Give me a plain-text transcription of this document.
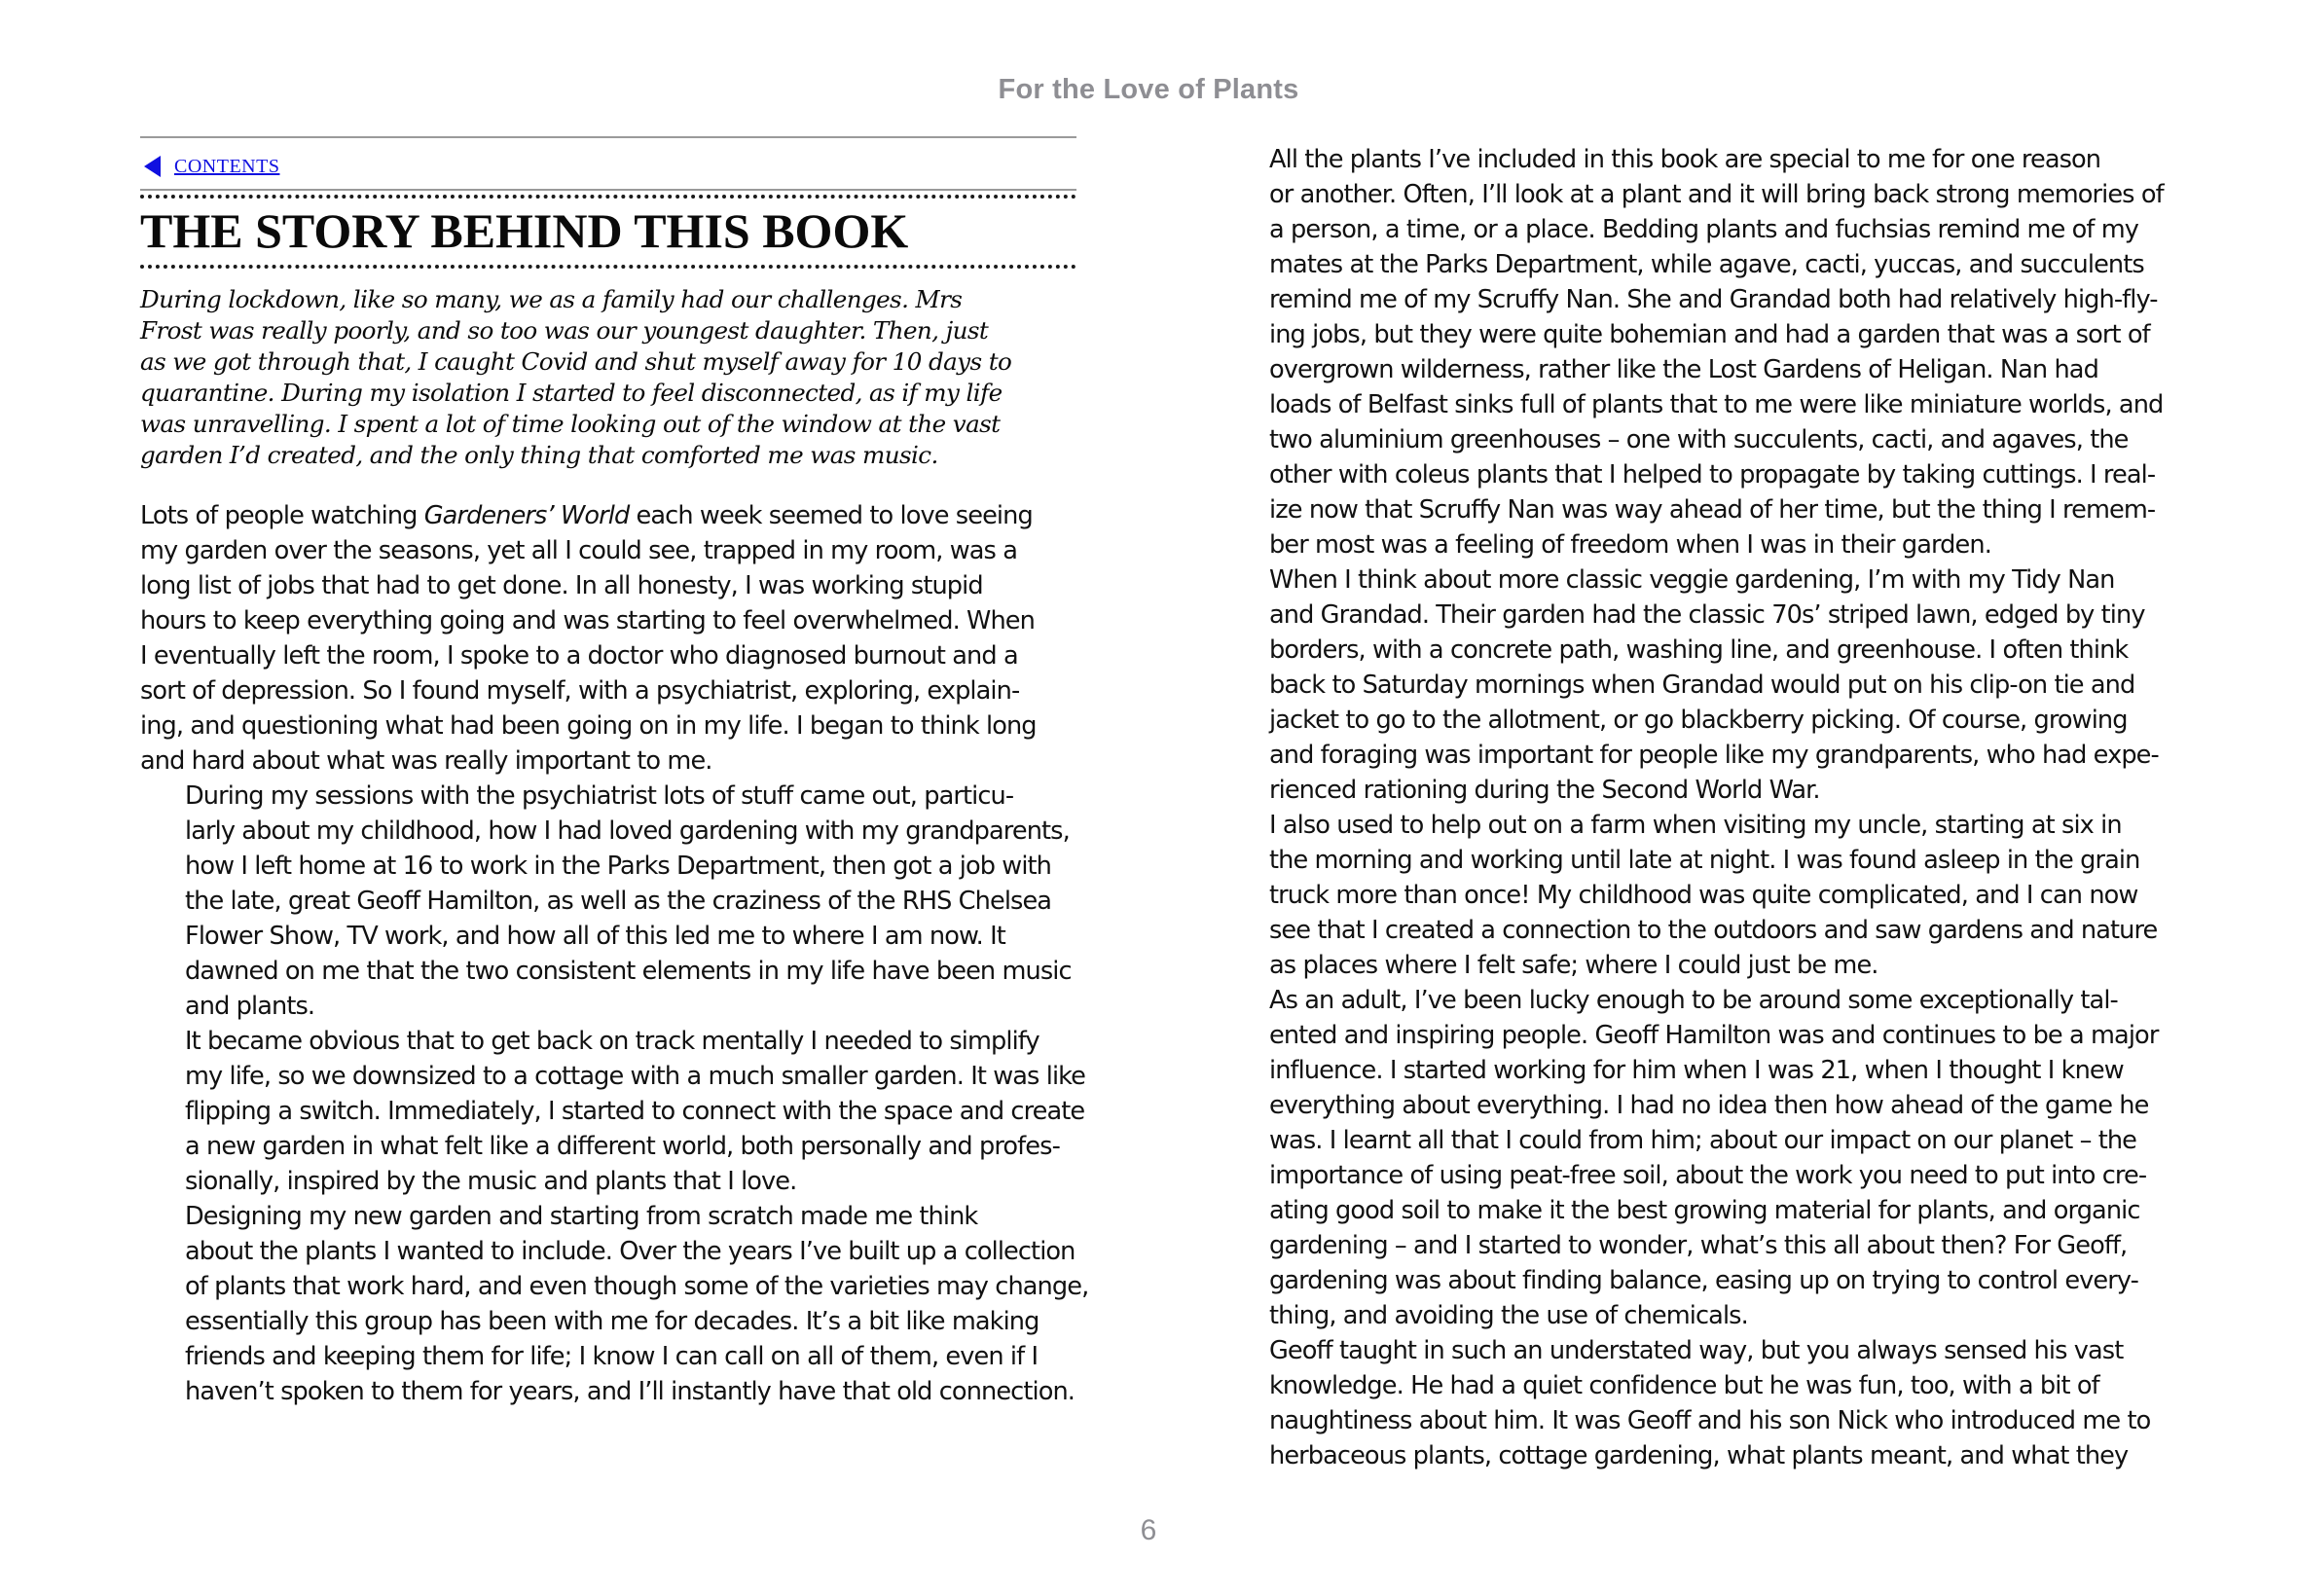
For the Love of Plants
CONTENTS
THE STORY BEHIND THIS BOOK
During lockdown, like so many, we as a family had our challenges. Mrs
Frost was really poorly, and so too was our youngest daughter. Then, just
as we got through that, I caught Covid and shut myself away for 10 days to
quarantine. During my isolation I started to feel disconnected, as if my life
was unravelling. I spent a lot of time looking out of the window at the vast
garden I’d created, and the only thing that comforted me was music.

Lots of people watching Gardeners’ World each week seemed to love seeing
my garden over the seasons, yet all I could see, trapped in my room, was a
long list of jobs that had to get done. In all honesty, I was working stupid
hours to keep everything going and was starting to feel overwhelmed. When
I eventually left the room, I spoke to a doctor who diagnosed burnout and a
sort of depression. So I found myself, with a psychiatrist, exploring, explain-
ing, and questioning what had been going on in my life. I began to think long
and hard about what was really important to me.

During my sessions with the psychiatrist lots of stuff came out, particu-
larly about my childhood, how I had loved gardening with my grandparents,
how I left home at 16 to work in the Parks Department, then got a job with
the late, great Geoff Hamilton, as well as the craziness of the RHS Chelsea
Flower Show, TV work, and how all of this led me to where I am now. It
dawned on me that the two consistent elements in my life have been music
and plants.

It became obvious that to get back on track mentally I needed to simplify
my life, so we downsized to a cottage with a much smaller garden. It was like
flipping a switch. Immediately, I started to connect with the space and create
a new garden in what felt like a different world, both personally and profes-
sionally, inspired by the music and plants that I love.

Designing my new garden and starting from scratch made me think
about the plants I wanted to include. Over the years I’ve built up a collection
of plants that work hard, and even though some of the varieties may change,
essentially this group has been with me for decades. It’s a bit like making
friends and keeping them for life; I know I can call on all of them, even if I
haven’t spoken to them for years, and I’ll instantly have that old connection.

All the plants I’ve included in this book are special to me for one reason
or another. Often, I’ll look at a plant and it will bring back strong memories of
a person, a time, or a place. Bedding plants and fuchsias remind me of my
mates at the Parks Department, while agave, cacti, yuccas, and succulents
remind me of my Scruffy Nan. She and Grandad both had relatively high-fly-
ing jobs, but they were quite bohemian and had a garden that was a sort of
overgrown wilderness, rather like the Lost Gardens of Heligan. Nan had
loads of Belfast sinks full of plants that to me were like miniature worlds, and
two aluminium greenhouses – one with succulents, cacti, and agaves, the
other with coleus plants that I helped to propagate by taking cuttings. I real-
ize now that Scruffy Nan was way ahead of her time, but the thing I remem-
ber most was a feeling of freedom when I was in their garden.

When I think about more classic veggie gardening, I’m with my Tidy Nan
and Grandad. Their garden had the classic 70s’ striped lawn, edged by tiny
borders, with a concrete path, washing line, and greenhouse. I often think
back to Saturday mornings when Grandad would put on his clip-on tie and
jacket to go to the allotment, or go blackberry picking. Of course, growing
and foraging was important for people like my grandparents, who had expe-
rienced rationing during the Second World War.

I also used to help out on a farm when visiting my uncle, starting at six in
the morning and working until late at night. I was found asleep in the grain
truck more than once! My childhood was quite complicated, and I can now
see that I created a connection to the outdoors and saw gardens and nature
as places where I felt safe; where I could just be me.

As an adult, I’ve been lucky enough to be around some exceptionally tal-
ented and inspiring people. Geoff Hamilton was and continues to be a major
influence. I started working for him when I was 21, when I thought I knew
everything about everything. I had no idea then how ahead of the game he
was. I learnt all that I could from him; about our impact on our planet – the
importance of using peat-free soil, about the work you need to put into cre-
ating good soil to make it the best growing material for plants, and organic
gardening – and I started to wonder, what’s this all about then? For Geoff,
gardening was about finding balance, easing up on trying to control every-
thing, and avoiding the use of chemicals.

Geoff taught in such an understated way, but you always sensed his vast
knowledge. He had a quiet confidence but he was fun, too, with a bit of
naughtiness about him. It was Geoff and his son Nick who introduced me to
herbaceous plants, cottage gardening, what plants meant, and what they

6
